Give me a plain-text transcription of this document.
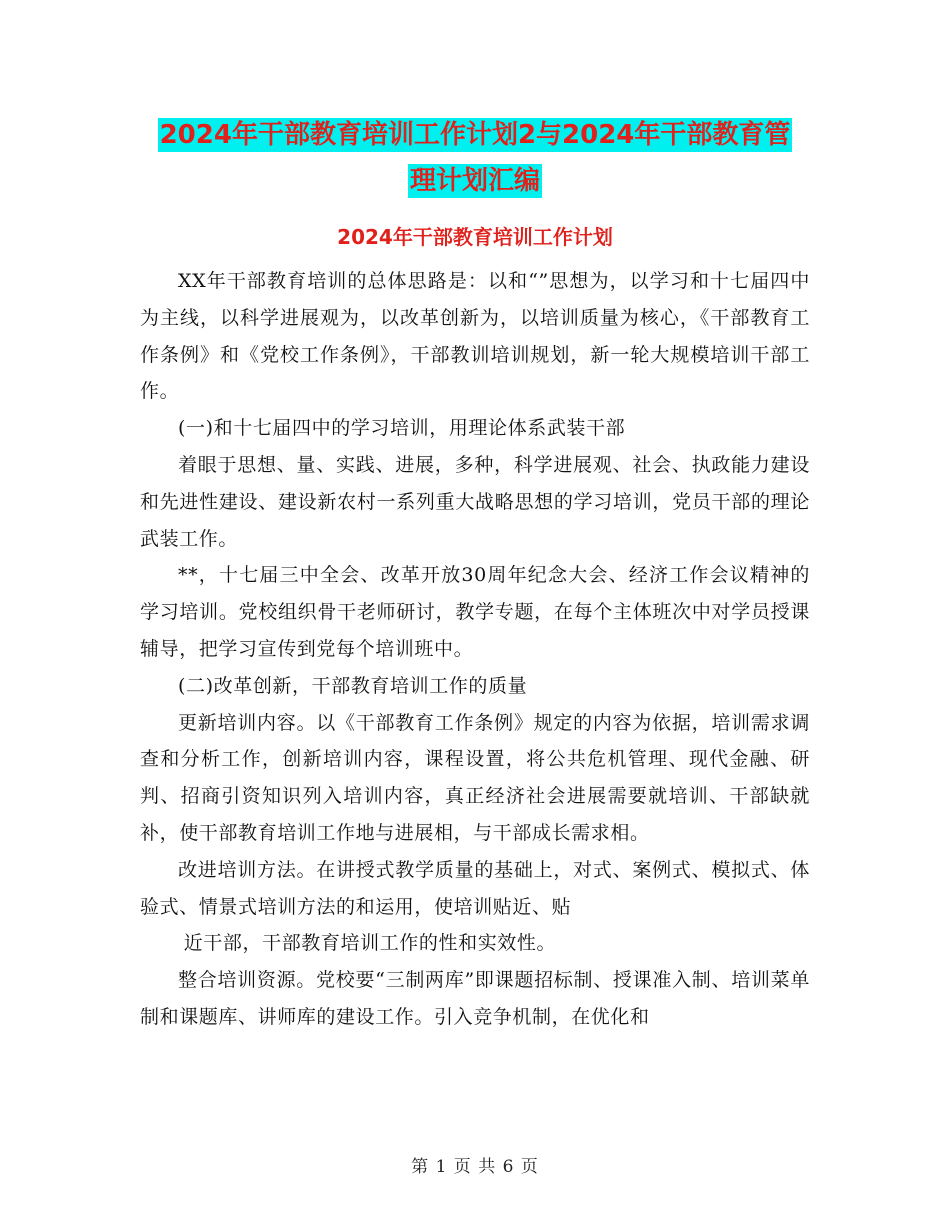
2024年干部教育培训工作计划2与2024年干部教育管
理计划汇编
2024年干部教育培训工作计划

XX年干部教育培训的总体思路是：以和“”思想为，以学习和十七届四中为主线，以科学进展观为，以改革创新为，以培训质量为核心，《干部教育工作条例》和《党校工作条例》，干部教训培训规划，新一轮大规模培训干部工作。

(一)和十七届四中的学习培训，用理论体系武装干部

着眼于思想、量、实践、进展，多种，科学进展观、社会、执政能力建设和先进性建设、建设新农村一系列重大战略思想的学习培训，党员干部的理论武装工作。

**，十七届三中全会、改革开放30周年纪念大会、经济工作会议精神的学习培训。党校组织骨干老师研讨，教学专题，在每个主体班次中对学员授课辅导，把学习宣传到党每个培训班中。

(二)改革创新，干部教育培训工作的质量

更新培训内容。以《干部教育工作条例》规定的内容为依据，培训需求调查和分析工作，创新培训内容，课程设置，将公共危机管理、现代金融、研判、招商引资知识列入培训内容，真正经济社会进展需要就培训、干部缺就补，使干部教育培训工作地与进展相，与干部成长需求相。

改进培训方法。在讲授式教学质量的基础上，对式、案例式、模拟式、体验式、情景式培训方法的和运用，使培训贴近、贴

近干部，干部教育培训工作的性和实效性。

整合培训资源。党校要“三制两库”即课题招标制、授课准入制、培训菜单制和课题库、讲师库的建设工作。引入竞争机制，在优化和

第 1 页 共 6 页
